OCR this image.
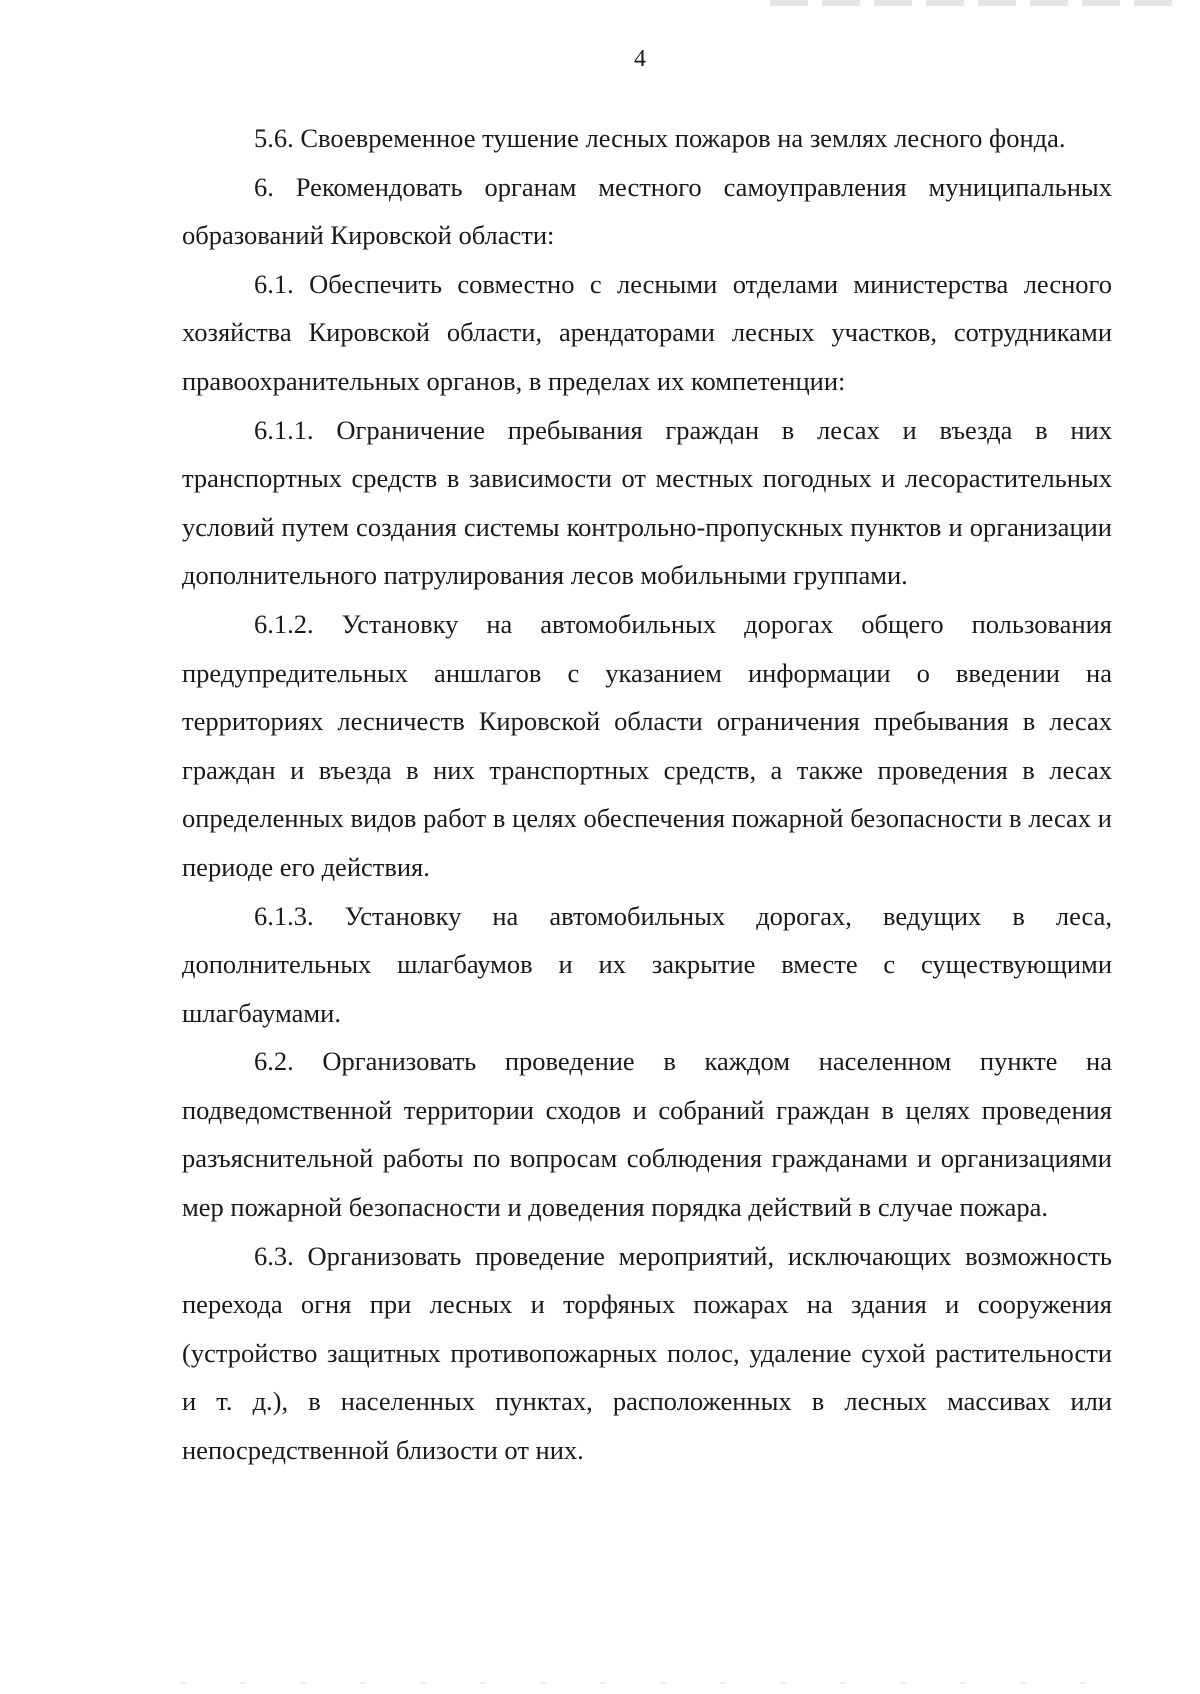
4

5.6. Своевременное тушение лесных пожаров на землях лесного фонда.

6. Рекомендовать органам местного самоуправления муниципальных образований Кировской области:

6.1. Обеспечить совместно с лесными отделами министерства лесного хозяйства Кировской области, арендаторами лесных участков, сотрудниками правоохранительных органов, в пределах их компетенции:

6.1.1. Ограничение пребывания граждан в лесах и въезда в них транспортных средств в зависимости от местных погодных и лесорастительных условий путем создания системы контрольно-пропускных пунктов и организации дополнительного патрулирования лесов мобильными группами.

6.1.2. Установку на автомобильных дорогах общего пользования предупредительных аншлагов с указанием информации о введении на территориях лесничеств Кировской области ограничения пребывания в лесах граждан и въезда в них транспортных средств, а также проведения в лесах определенных видов работ в целях обеспечения пожарной безопасности в лесах и периоде его действия.

6.1.3. Установку на автомобильных дорогах, ведущих в леса, дополнительных шлагбаумов и их закрытие вместе с существующими шлагбаумами.

6.2. Организовать проведение в каждом населенном пункте на подведомственной территории сходов и собраний граждан в целях проведения разъяснительной работы по вопросам соблюдения гражданами и организациями мер пожарной безопасности и доведения порядка действий в случае пожара.

6.3. Организовать проведение мероприятий, исключающих возможность перехода огня при лесных и торфяных пожарах на здания и сооружения (устройство защитных противопожарных полос, удаление сухой растительности и т. д.), в населенных пунктах, расположенных в лесных массивах или непосредственной близости от них.
